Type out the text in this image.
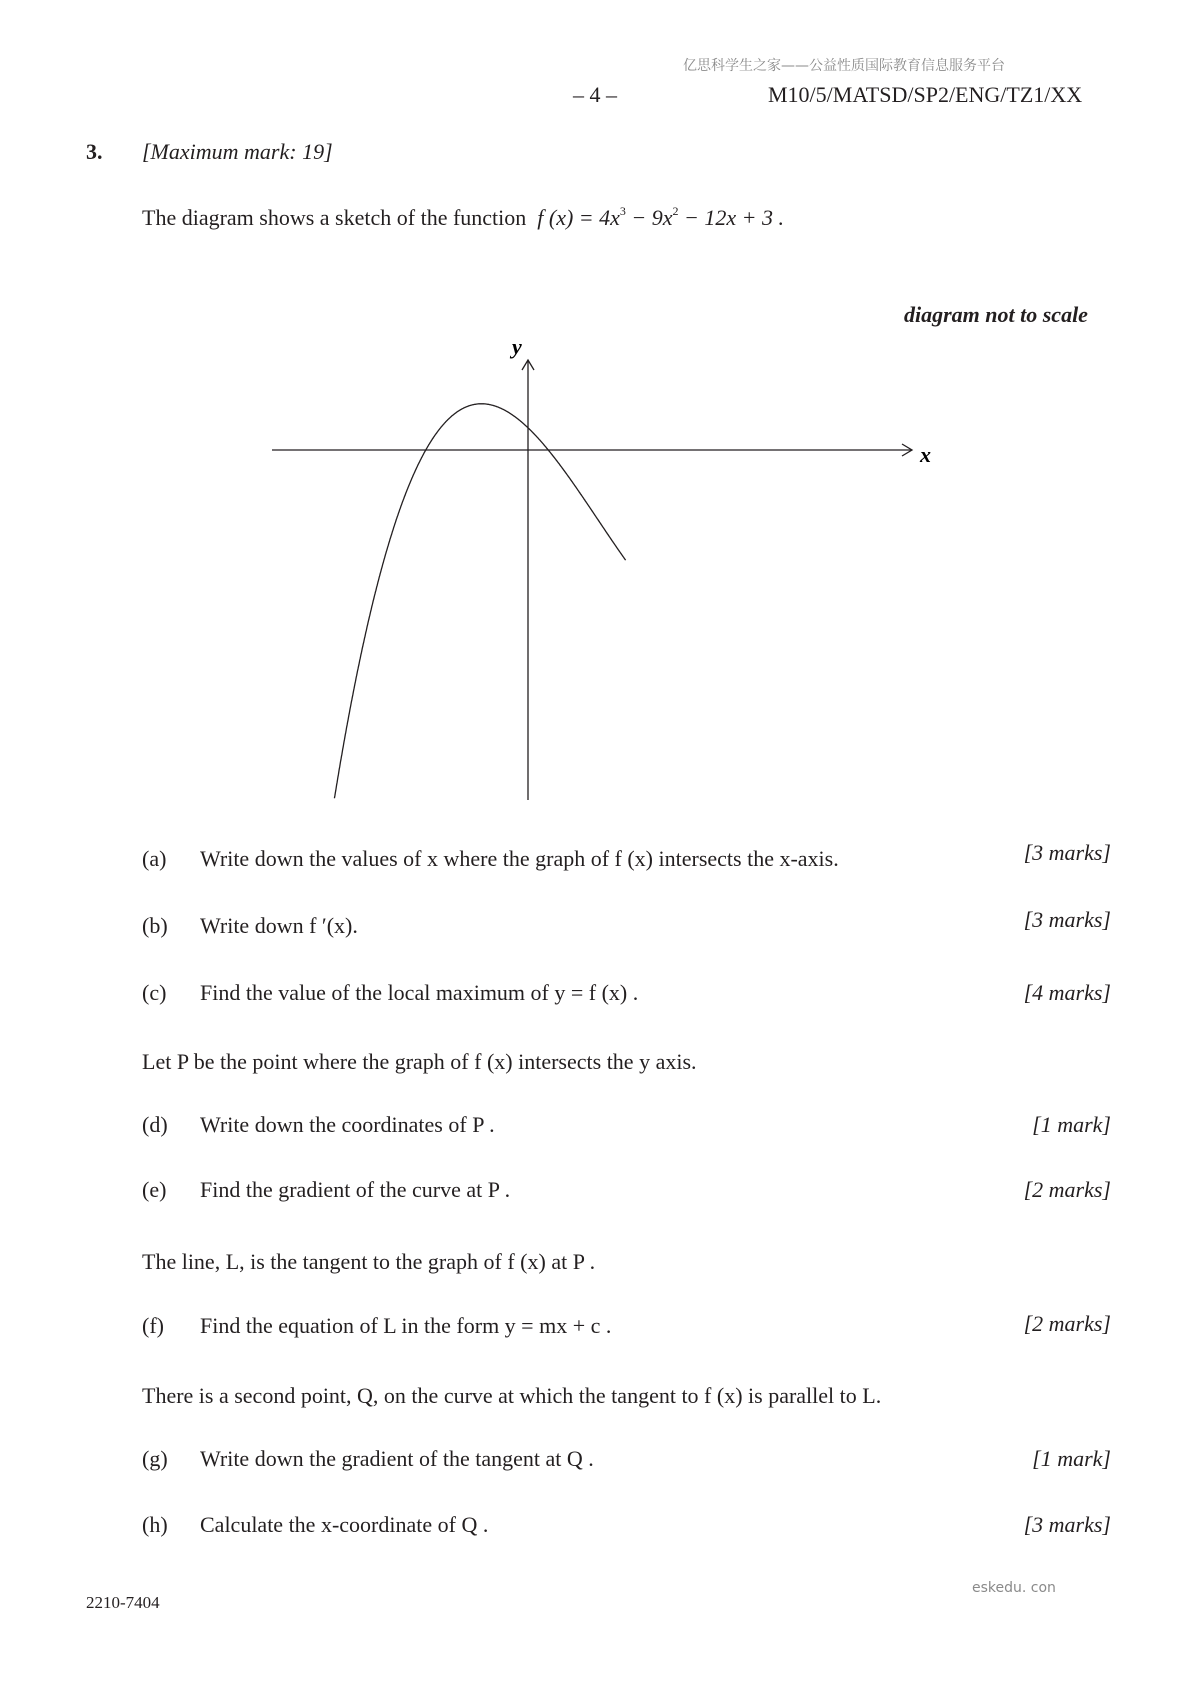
亿思科学生之家——公益性质国际教育信息服务平台
– 4 –	M10/5/MATSD/SP2/ENG/TZ1/XX
3. [Maximum mark: 19]
The diagram shows a sketch of the function f $(x) = 4x^3 - 9x^2 - 12x + 3$ .
diagram not to scale
x
y
(a) Write down the values of x where the graph of f (x) intersects the x-axis.	[3 marks]
(b) Write down f ′(x).	[3 marks]
(c) Find the value of the local maximum of y = f (x) .	[4 marks]
Let P be the point where the graph of f (x) intersects the y axis.
(d) Write down the coordinates of P .	[1 mark]
(e) Find the gradient of the curve at P .	[2 marks]
The line, L, is the tangent to the graph of f (x) at P .
(f) Find the equation of L in the form y = mx + c .	[2 marks]
There is a second point, Q, on the curve at which the tangent to f (x) is parallel to L.
(g) Write down the gradient of the tangent at Q .	[1 mark]
(h) Calculate the x-coordinate of Q .	[3 marks]
2210-7404
eskedu. con
